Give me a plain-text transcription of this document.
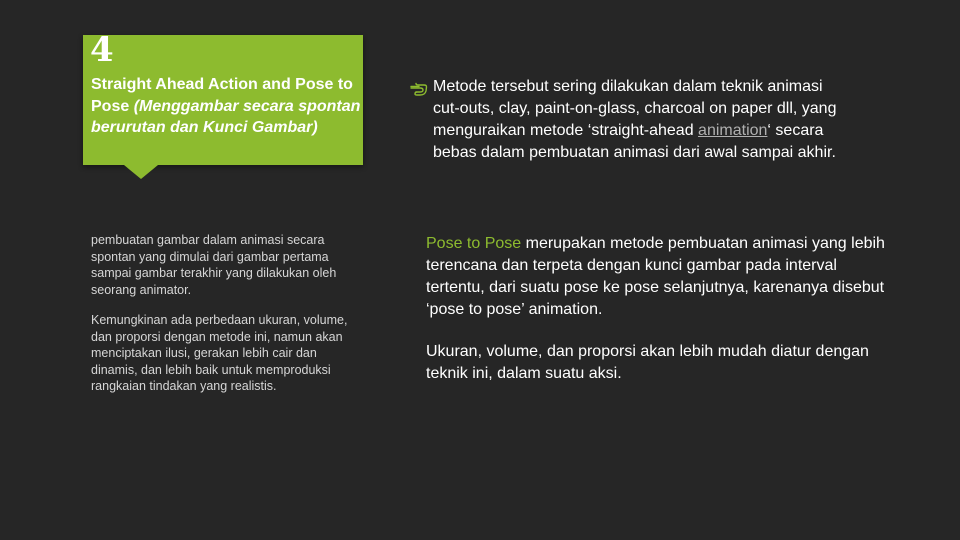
4
Straight Ahead Action and Pose to Pose (Menggambar secara spontan berurutan dan Kunci Gambar)

pembuatan gambar dalam animasi secara spontan yang dimulai dari gambar pertama sampai gambar terakhir yang dilakukan oleh seorang animator.

Kemungkinan ada perbedaan ukuran, volume, dan proporsi dengan metode ini, namun akan menciptakan ilusi, gerakan lebih cair dan dinamis, dan lebih baik untuk memproduksi rangkaian tindakan yang realistis.

Metode tersebut sering dilakukan dalam teknik animasi cut-outs, clay, paint-on-glass, charcoal on paper dll, yang menguraikan metode ‘straight-ahead animation‘ secara bebas dalam pembuatan animasi dari awal sampai akhir.

Pose to Pose merupakan metode pembuatan animasi yang lebih terencana dan terpeta dengan kunci gambar pada interval tertentu, dari suatu pose ke pose selanjutnya, karenanya disebut ‘pose to pose’ animation.

Ukuran, volume, dan proporsi akan lebih mudah diatur dengan teknik ini, dalam suatu aksi.
